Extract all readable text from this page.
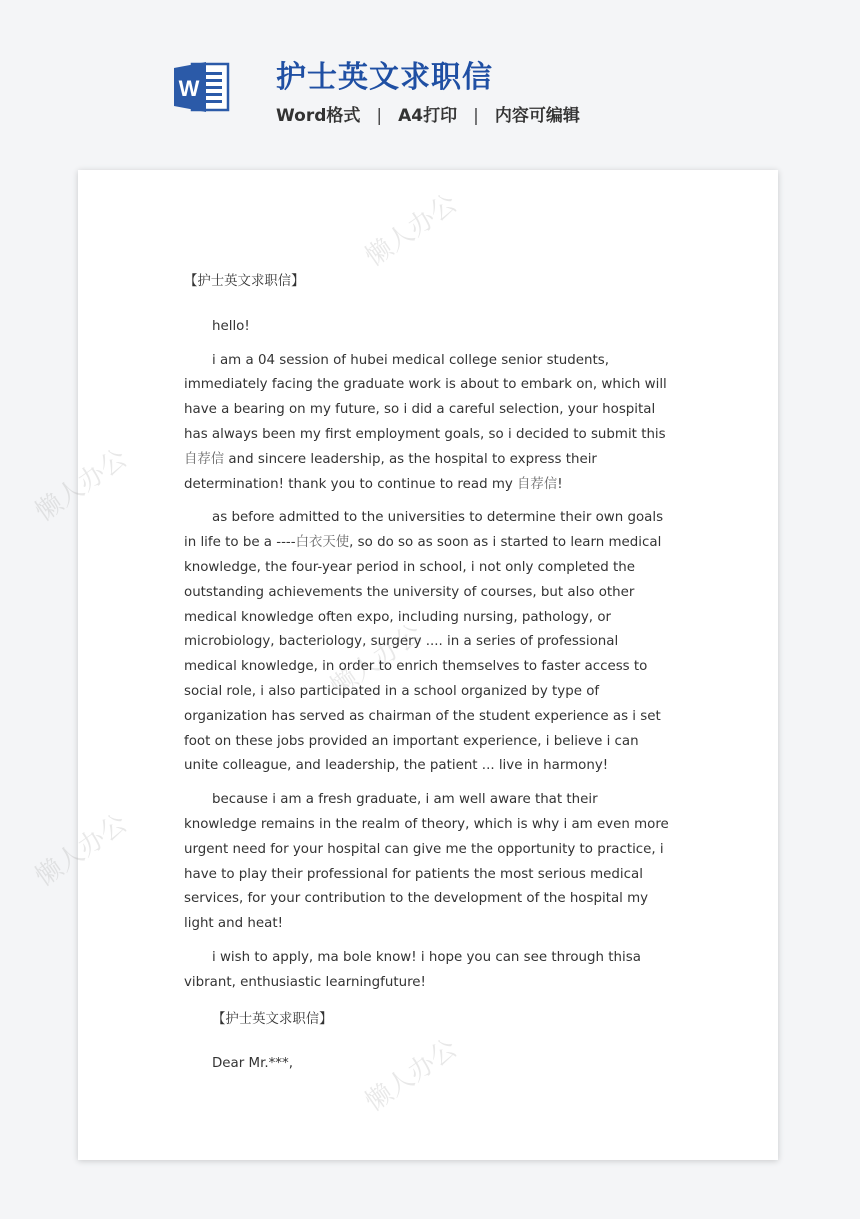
W	护士英文求职信
Word格式 | A4打印 | 内容可编辑
懒人办公
懒人办公
懒人办公
懒人办公
懒人办公

【护士英文求职信】

hello!

i am a 04 session of hubei medical college senior students, immediately facing the graduate work is about to embark on, which will have a bearing on my future, so i did a careful selection, your hospital has always been my first employment goals, so i decided to submit this 自荐信 and sincere leadership, as the hospital to express their determination! thank you to continue to read my 自荐信!

as before admitted to the universities to determine their own goals in life to be a ----白衣天使, so do so as soon as i started to learn medical knowledge, the four-year period in school, i not only completed the outstanding achievements the university of courses, but also other medical knowledge often expo, including nursing, pathology, or microbiology, bacteriology, surgery .... in a series of professional medical knowledge, in order to enrich themselves to faster access to social role, i also participated in a school organized by type of organization has served as chairman of the student experience as i set foot on these jobs provided an important experience, i believe i can unite colleague, and leadership, the patient ... live in harmony!

because i am a fresh graduate, i am well aware that their knowledge remains in the realm of theory, which is why i am even more urgent need for your hospital can give me the opportunity to practice, i have to play their professional for patients the most serious medical services, for your contribution to the development of the hospital my light and heat!

i wish to apply, ma bole know! i hope you can see through thisa vibrant, enthusiastic learningfuture!

【护士英文求职信】

Dear Mr.***,
